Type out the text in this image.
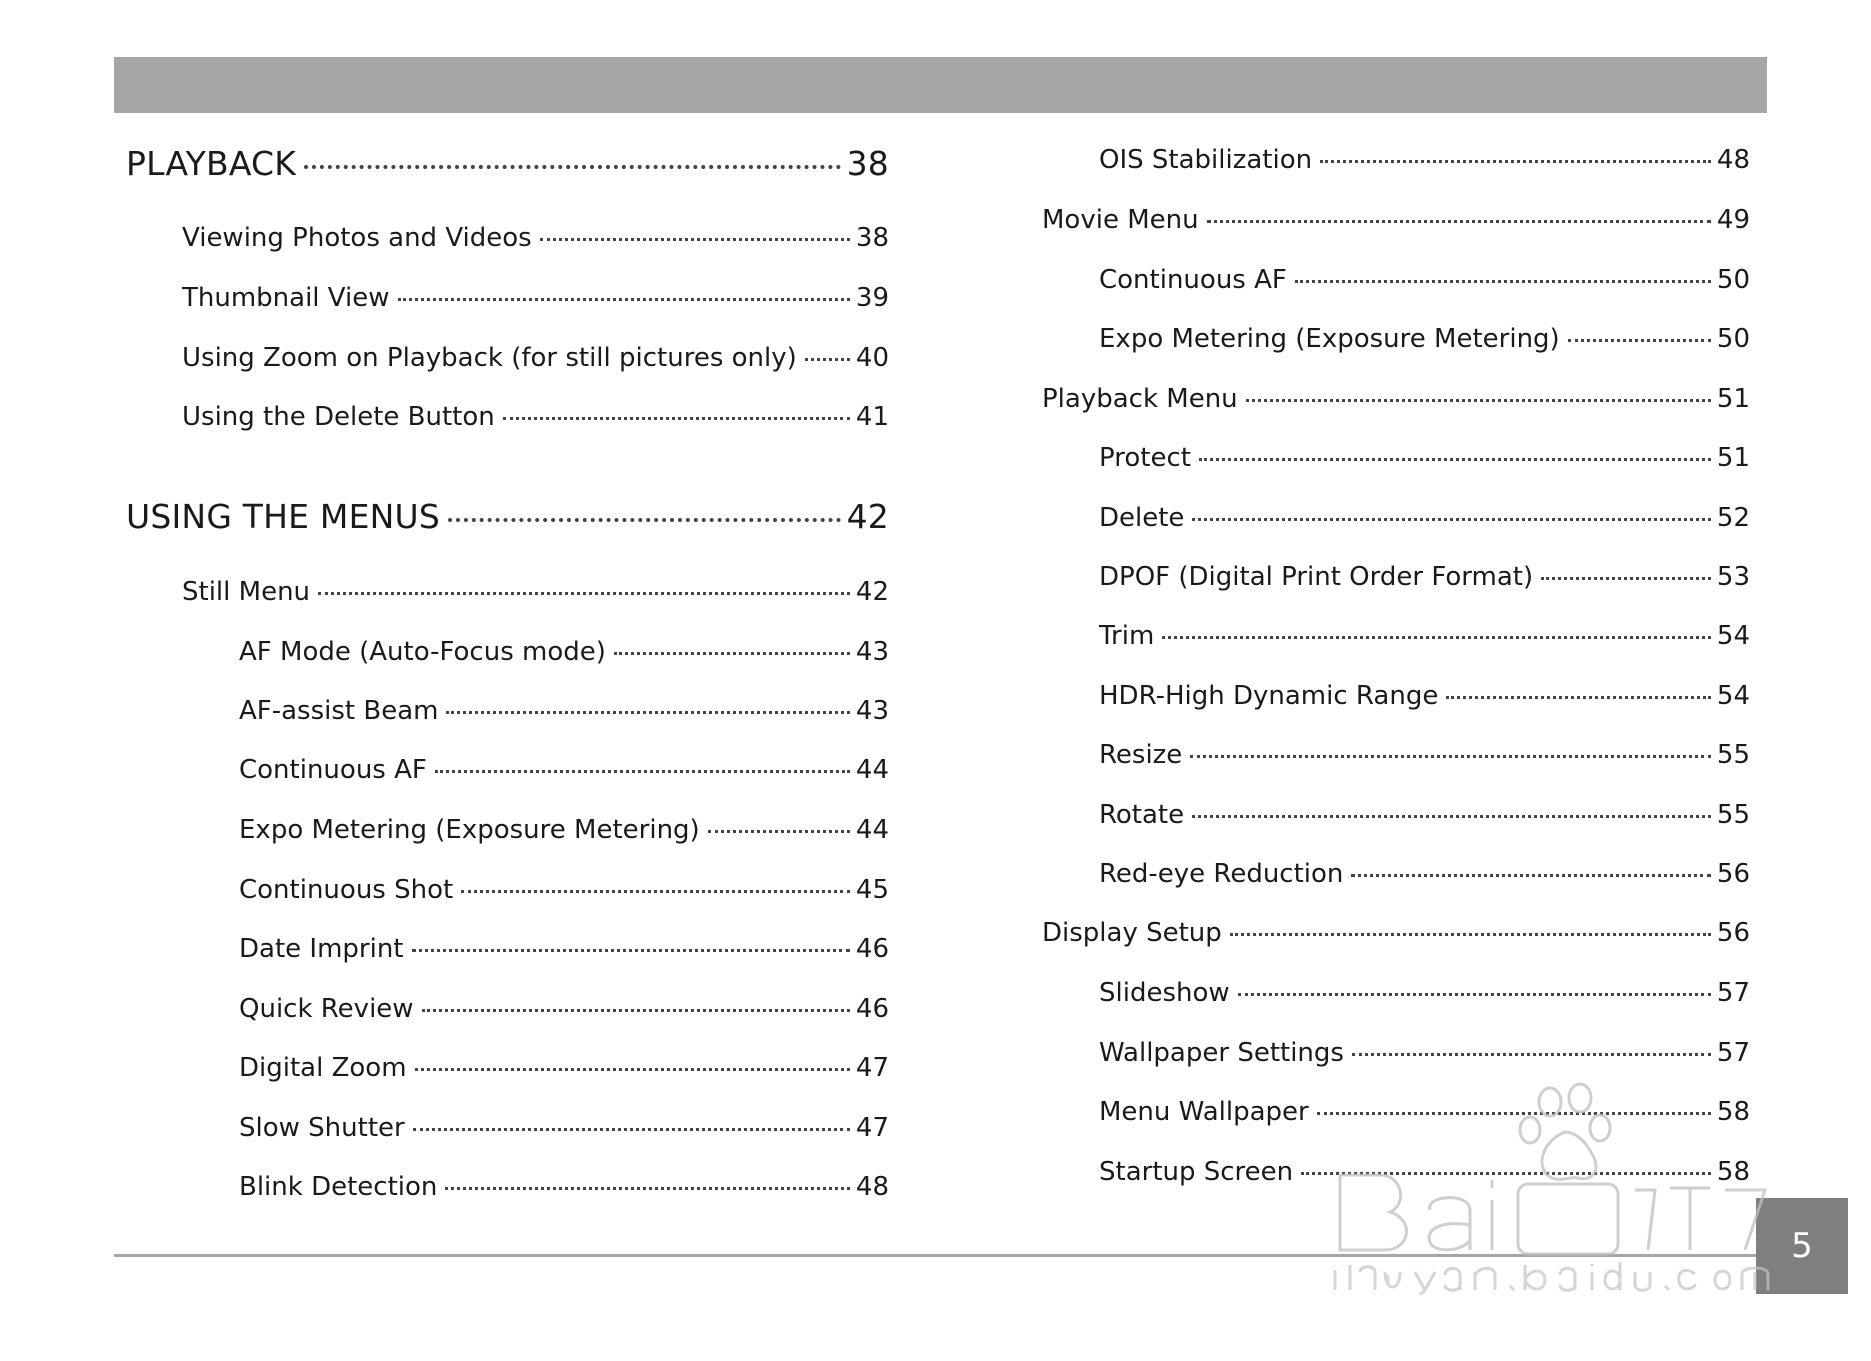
PLAYBACK	38
Viewing Photos and Videos	38
Thumbnail View	39
Using Zoom on Playback (for still pictures only) 40
Using the Delete Button	41
USING THE MENUS	42
Still Menu	42
AF Mode (Auto-Focus mode)	43
AF-assist Beam	43
Continuous AF	44
Expo Metering (Exposure Metering)	44
Continuous Shot	45
Date Imprint	46
Quick Review	46
Digital Zoom	47
Slow Shutter	47
Blink Detection	48
OIS Stabilization	48
Movie Menu	49
Continuous AF	50
Expo Metering (Exposure Metering)	50
Playback Menu	51
Protect	51
Delete	52
DPOF (Digital Print Order Format)	53
Trim	54
HDR-High Dynamic Range	54
Resize	55
Rotate	55
Red-eye Reduction	56
Display Setup	56
Slideshow	57
Wallpaper Settings	57
Menu Wallpaper	58
Startup Screen	58
5
